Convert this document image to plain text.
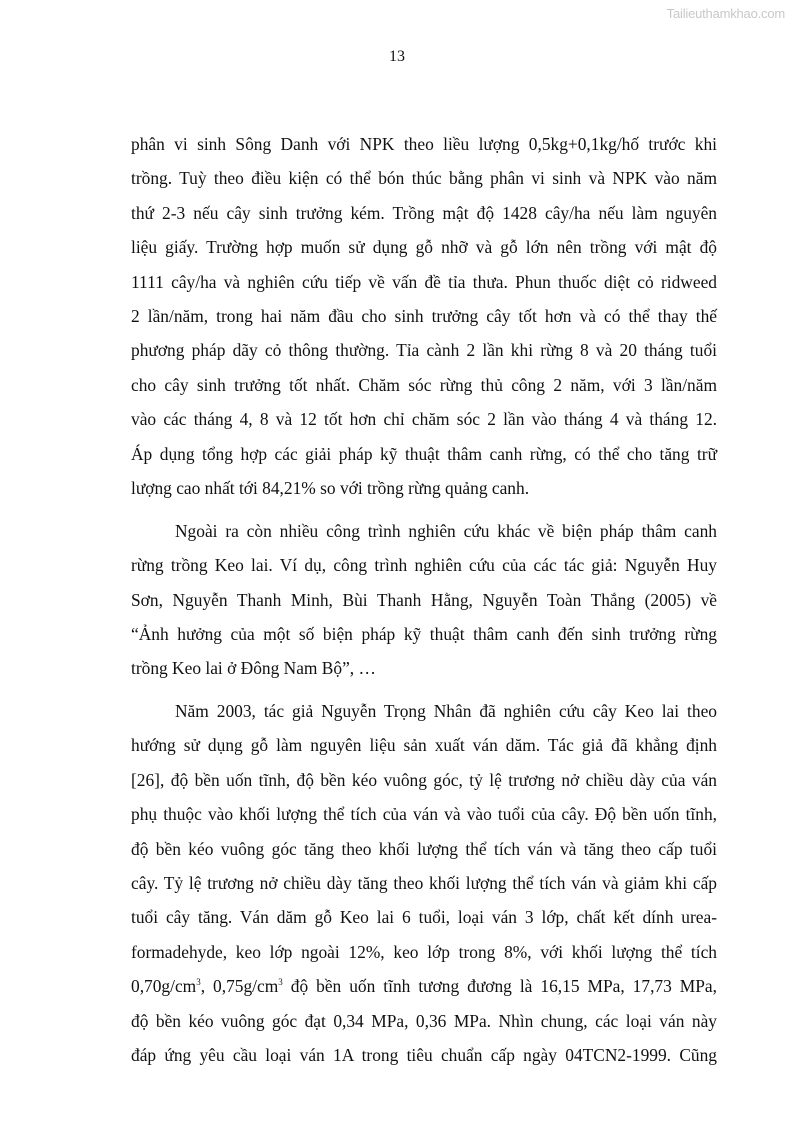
Tailieuthamkhao.com
13
phân vi sinh Sông Danh với NPK theo liều lượng 0,5kg+0,1kg/hố trước khi
trồng. Tuỳ theo điều kiện có thể bón thúc bằng phân vi sinh và NPK vào năm
thứ 2-3 nếu cây sinh trưởng kém. Trồng mật độ 1428 cây/ha nếu làm nguyên
liệu giấy. Trường hợp muốn sử dụng gỗ nhỡ và gỗ lớn nên trồng với mật độ
1111 cây/ha và nghiên cứu tiếp về vấn đề tỉa thưa. Phun thuốc diệt cỏ ridweed
2 lần/năm, trong hai năm đầu cho sinh trưởng cây tốt hơn và có thể thay thế
phương pháp dãy cỏ thông thường. Tỉa cành 2 lần khi rừng 8 và 20 tháng tuổi
cho cây sinh trưởng tốt nhất. Chăm sóc rừng thủ công 2 năm, với 3 lần/năm
vào các tháng 4, 8 và 12 tốt hơn chỉ chăm sóc 2 lần vào tháng 4 và tháng 12.
Áp dụng tổng hợp các giải pháp kỹ thuật thâm canh rừng, có thể cho tăng trữ
lượng cao nhất tới 84,21% so với trồng rừng quảng canh.
Ngoài ra còn nhiều công trình nghiên cứu khác về biện pháp thâm canh
rừng trồng Keo lai. Ví dụ, công trình nghiên cứu của các tác giả: Nguyễn Huy
Sơn, Nguyễn Thanh Minh, Bùi Thanh Hằng, Nguyễn Toàn Thắng (2005) về
“Ảnh hưởng của một số biện pháp kỹ thuật thâm canh đến sinh trưởng rừng
trồng Keo lai ở Đông Nam Bộ”, …
Năm 2003, tác giả Nguyễn Trọng Nhân đã nghiên cứu cây Keo lai theo
hướng sử dụng gỗ làm nguyên liệu sản xuất ván dăm. Tác giả đã khẳng định
[26], độ bền uốn tĩnh, độ bền kéo vuông góc, tỷ lệ trương nở chiều dày của ván
phụ thuộc vào khối lượng thể tích của ván và vào tuổi của cây. Độ bền uốn tĩnh,
độ bền kéo vuông góc tăng theo khối lượng thể tích ván và tăng theo cấp tuổi
cây. Tỷ lệ trương nở chiều dày tăng theo khối lượng thể tích ván và giảm khi cấp
tuổi cây tăng. Ván dăm gỗ Keo lai 6 tuổi, loại ván 3 lớp, chất kết dính urea-
formadehyde, keo lớp ngoài 12%, keo lớp trong 8%, với khối lượng thể tích
$0,70g/cm^3$, $0,75g/cm^3$ độ bền uốn tĩnh tương đương là 16,15 MPa, 17,73 MPa,
độ bền kéo vuông góc đạt 0,34 MPa, 0,36 MPa. Nhìn chung, các loại ván này
đáp ứng yêu cầu loại ván 1A trong tiêu chuẩn cấp ngày 04TCN2-1999. Cũng
